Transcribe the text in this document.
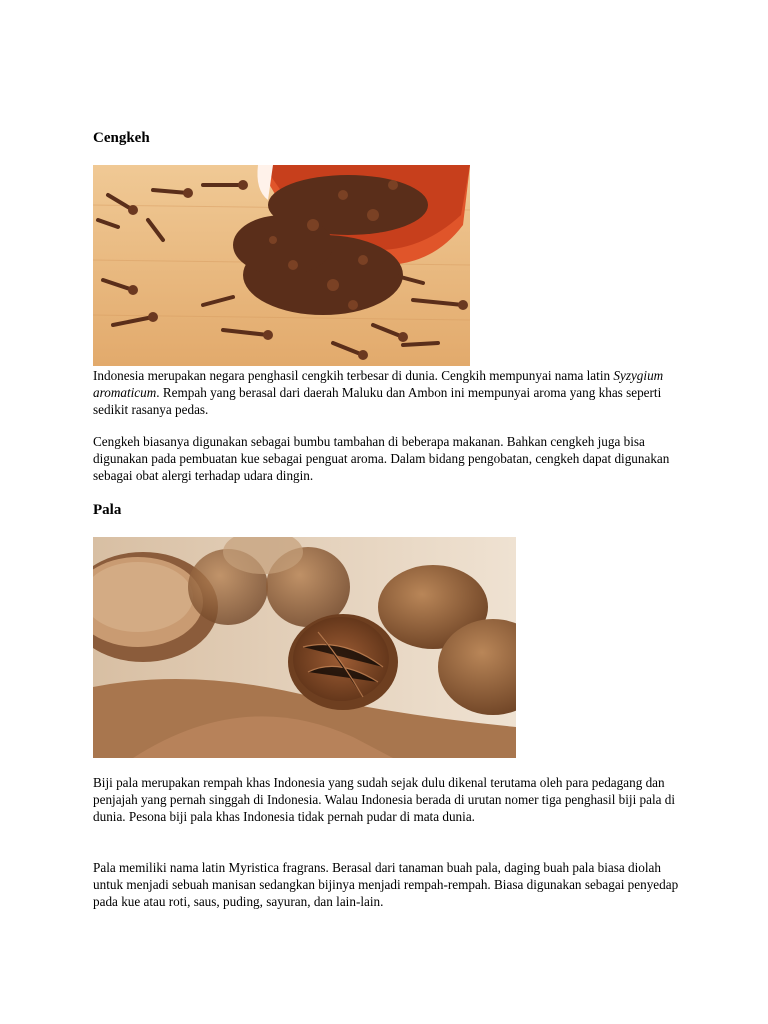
Cengkeh

Indonesia merupakan negara penghasil cengkih terbesar di dunia. Cengkih mempunyai nama latin Syzygium aromaticum. Rempah yang berasal dari daerah Maluku dan Ambon ini mempunyai aroma yang khas seperti sedikit rasanya pedas.

Cengkeh biasanya digunakan sebagai bumbu tambahan di beberapa makanan. Bahkan cengkeh juga bisa digunakan pada pembuatan kue sebagai penguat aroma. Dalam bidang pengobatan, cengkeh dapat digunakan sebagai obat alergi terhadap udara dingin.

Pala

Biji pala merupakan rempah khas Indonesia yang sudah sejak dulu dikenal terutama oleh para pedagang dan penjajah yang pernah singgah di Indonesia. Walau Indonesia berada di urutan nomer tiga penghasil biji pala di dunia. Pesona biji pala khas Indonesia tidak pernah pudar di mata dunia.

Pala memiliki nama latin Myristica fragrans. Berasal dari tanaman buah pala, daging buah pala biasa diolah untuk menjadi sebuah manisan sedangkan bijinya menjadi rempah-rempah. Biasa digunakan sebagai penyedap pada kue atau roti, saus, puding, sayuran, dan lain-lain.
